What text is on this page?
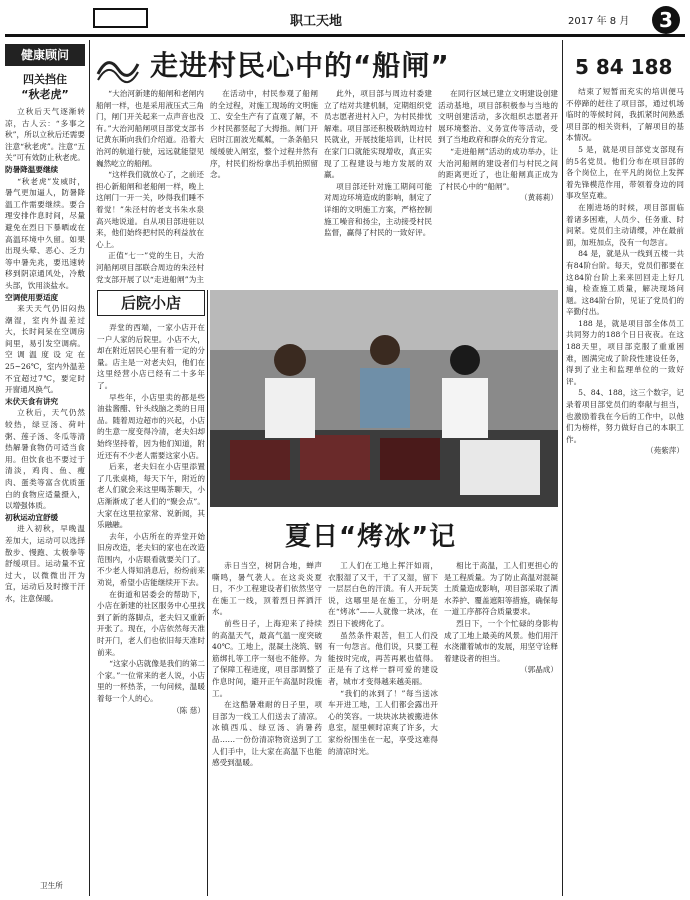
职工天地	2017 年 8 月	3
健康顾问
四关挡住
“秋老虎”

立秋后天气逐渐转凉，古人云：“多事之秋”，所以立秋后还需要注意“秋老虎”。注意“五关”可有效防止秋老虎。

防暑降温要继续

“秋老虎”发威时，暑气更加逼人，防暑降温工作需要继续。要合理安排作息时间，尽量避免在烈日下暴晒或在高温环境中久留。如果出现头晕、恶心、乏力等中暑先兆，要迅速转移到阴凉通风处，冷敷头部，饮用淡盐水。

空调使用要适度

来天天气仍旧闷热潮湿，室内外温差过大，长时间呆在空调房间里，易引发空调病。空调温度设定在25~26℃，室内外温差不宜超过7℃，要定时开窗通风换气。

末伏天食有讲究

立秋后，天气仍然较热，绿豆汤、荷叶粥、莲子汤、冬瓜等清热解暑食物仍可适当食用。但饮食也不要过于清淡，鸡肉、鱼、瘦肉、蛋类等富含优质蛋白的食物应适量摄入，以增强体质。

初秋运动宜舒缓

进入初秋，早晚温差加大，运动可以选择散步、慢跑、太极拳等舒缓项目。运动量不宜过大，以微微出汗为宜，运动后及时擦干汗水，注意保暖。

卫生所
走进村民心中的“船闸”

“大治河新建的船闸和老闸内船闸一样，也是采用液压式三角门，闸门开关起来一点声音也没有。”大治河船闸项目部党支部书记黄东斯向我们介绍道。沿着大治河的航道行驶，远远就能望见巍然屹立的船闸。

“这样我们就放心了，之前还担心新船闸和老船闸一样，晚上这闸门一开一关，吵得我们睡不着觉！”朱泾村的老支书朱水泉高兴地说道。自从项目部进驻以来，他们始终把村民的利益放在心上。

正值“七一”党的生日，大治河船闸项目部联合周边的朱泾村党支部开展了以“走进船闸”为主

在活动中，村民参观了船闸的全过程，对施工现场的文明施工、安全生产有了直观了解，不少村民都竖起了大拇指。闸门开启时江面波光粼粼，一条条船只缓缓驶入闸室，整个过程井然有序，村民们纷纷拿出手机拍照留念。

此外，项目部与周边村委建立了结对共建机制，定期组织党员志愿者进村入户，为村民排忧解难。项目部还积极吸纳周边村民就业，开展技能培训，让村民在家门口就能实现增收，真正实现了工程建设与地方发展的双赢。

项目部还针对施工期间可能对周边环境造成的影响，制定了详细的文明施工方案，严格控制施工噪音和扬尘，主动接受村民监督，赢得了村民的一致好评。

在同行区域已建立文明建设创建活动基地，项目部积极参与当地的文明创建活动，多次组织志愿者开展环境整治、义务宣传等活动，受到了当地政府和群众的充分肯定。

“走进船闸”活动的成功举办，让大治河船闸的建设者们与村民之间的距离更近了，也让船闸真正成为了村民心中的“船闸”。

（黄蒋莉）

后院小店

弄堂的西端，一家小店开在一户人家的后院里。小店不大，却在附近居民心里有着一定的分量。店主是一对老夫妇，他们在这里经营小店已经有二十多年了。

早些年，小店里卖的都是些油盐酱醋、针头线脑之类的日用品。随着周边超市的兴起，小店的生意一度变得冷清，老夫妇却始终坚持着，因为他们知道，附近还有不少老人需要这家小店。

后来，老夫妇在小店里添置了几张桌椅，每天下午，附近的老人们就会来这里喝茶聊天，小店渐渐成了老人们的“聚会点”。大家在这里拉家常、说新闻，其乐融融。

去年，小店所在的弄堂开始旧房改造，老夫妇的家也在改造范围内，小店眼看就要关门了。不少老人得知消息后，纷纷前来劝说，希望小店能继续开下去。

在街道和居委会的帮助下，小店在新建的社区服务中心里找到了新的落脚点，老夫妇又重新开张了。现在，小店依然每天准时开门，老人们也依旧每天准时前来。

“这家小店就像是我们的第二个家。”一位常来的老人说，小店里的一杯热茶，一句问候，温暖着每一个人的心。

（陈 慈）

夏日“烤冰”记

赤日当空，树阴合地，蝉声嘶鸣，暑气袭人。在这炎炎夏日，不少工程建设者们依然坚守在施工一线，顶着烈日挥洒汗水。

前些日子，上海迎来了持续的高温天气，最高气温一度突破40℃。工地上，混凝土浇筑、钢筋绑扎等工序一刻也不能停。为了保障工程进度，项目部调整了作息时间，避开正午高温时段施工。

在这酷暑难耐的日子里，项目部为一线工人们送去了清凉。冰镇西瓜、绿豆汤、消暑药品……一份份清凉物资送到了工人们手中，让大家在高温下也能感受到温暖。

工人们在工地上挥汗如雨，衣服湿了又干，干了又湿，留下一层层白色的汗渍。有人开玩笑说，这哪里是在施工，分明是在“烤冰”——人就像一块冰，在烈日下被烤化了。

虽然条件艰苦，但工人们没有一句怨言。他们说，只要工程能按时完成，再苦再累也值得。正是有了这样一群可爱的建设者，城市才变得越来越美丽。

“我们的冰到了！”每当送冰车开进工地，工人们都会露出开心的笑容。一块块冰块被搬进休息室，屋里顿时凉爽了许多，大家纷纷围坐在一起，享受这难得的清凉时光。

相比于高温，工人们更担心的是工程质量。为了防止高温对混凝土质量造成影响，项目部采取了洒水养护、覆盖遮阳等措施，确保每一道工序都符合质量要求。

烈日下，一个个忙碌的身影构成了工地上最美的风景。他们用汗水浇灌着城市的发展，用坚守诠释着建设者的担当。

（郭晶成）

5 84 188

结束了短暂而充实的培训便马不停蹄的赶往了项目部，通过机场临时的等候时间，我抓紧时间熟悉项目部的相关资料，了解项目的基本情况。

5 是，就是项目部党支部现有的5名党员。他们分布在项目部的各个岗位上，在平凡的岗位上发挥着先锋模范作用，带领着身边的同事攻坚克难。

在刚进场的时候，项目部面临着诸多困难，人员少、任务重、时间紧。党员们主动请缨，冲在最前面，加班加点，没有一句怨言。

84 是，就是从一线到五楼一共有84阶台阶。每天，党员们都要在这84阶台阶上来来回回走上好几遍，检查施工质量，解决现场问题。这84阶台阶，见证了党员们的辛勤付出。

188 是，就是项目部全体员工共同努力的188个日日夜夜。在这188天里，项目部克服了重重困难，圆满完成了阶段性建设任务，得到了业主和监理单位的一致好评。

5、84、188，这三个数字，记录着项目部党员们的奉献与担当，也激励着我在今后的工作中，以他们为榜样，努力做好自己的本职工作。

（苑紫萍）
